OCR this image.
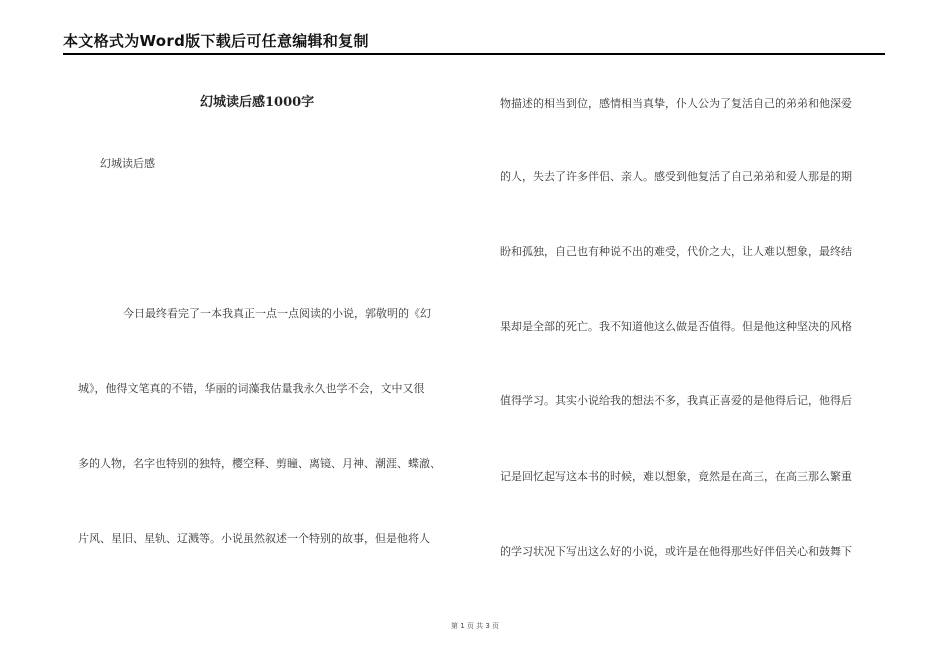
本文格式为Word版下载后可任意编辑和复制
幻城读后感1000字
幻城读后感
今日最终看完了一本我真正一点一点阅读的小说，郭敬明的《幻
城》，他得文笔真的不错，华丽的词藻我估量我永久也学不会，文中又很
多的人物，名字也特别的独特，樱空释、剪瞳、离镜、月神、潮涯、蝶澈、
片风、星旧、星轨、辽溅等。小说虽然叙述一个特别的故事，但是他将人
物描述的相当到位，感情相当真挚，仆人公为了复活自己的弟弟和他深爱
的人，失去了许多伴侣、亲人。感受到他复活了自己弟弟和爱人那是的期
盼和孤独，自己也有种说不出的难受，代价之大，让人难以想象，最终结
果却是全部的死亡。我不知道他这么做是否值得。但是他这种坚决的风格
值得学习。其实小说给我的想法不多，我真正喜爱的是他得后记，他得后
记是回忆起写这本书的时候，难以想象，竟然是在高三，在高三那么繁重
的学习状况下写出这么好的小说，或许是在他得那些好伴侣关心和鼓舞下
第 1 页 共 3 页
